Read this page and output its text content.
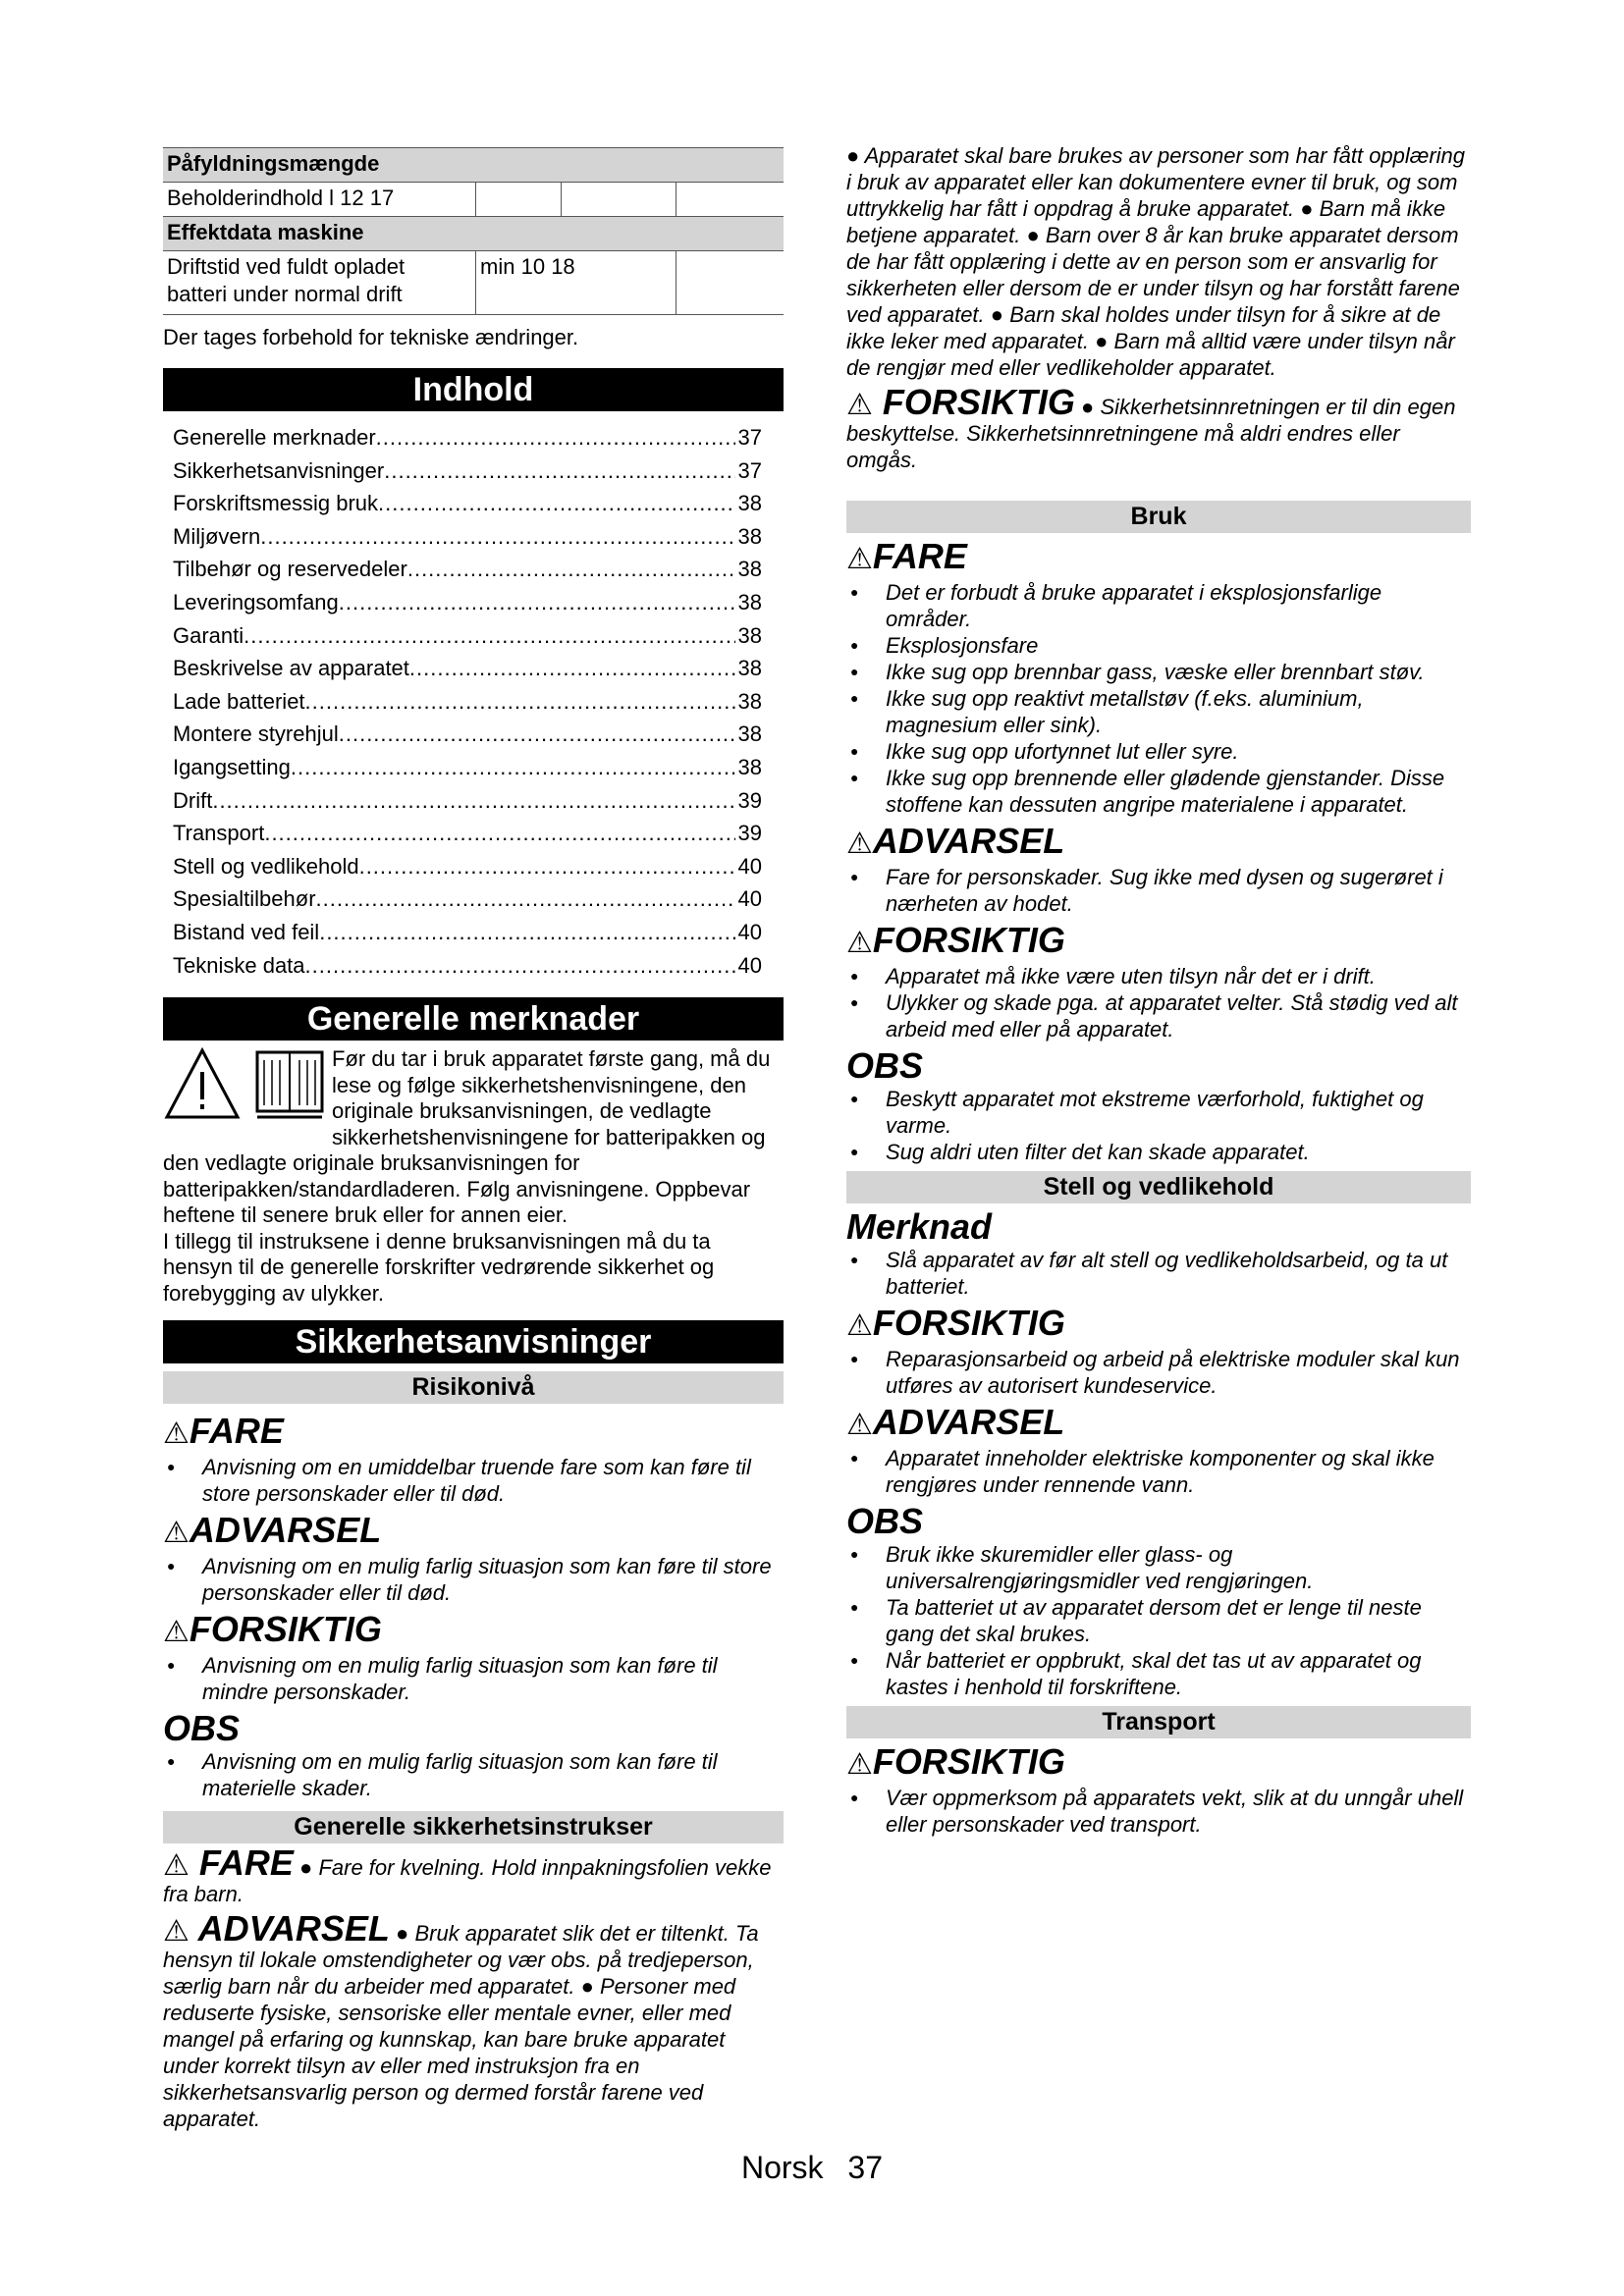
Påfyldningsmængde			
Beholderindhold l 12 17			
Effektdata maskine			
Driftstid ved fuldt opladet
batteri under normal drift	min 10 18		
Der tages forbehold for tekniske ændringer.
Indhold
Generelle merknader .....	37
Sikkerhetsanvisninger .....	37
Forskriftsmessig bruk .....	38
Miljøvern .....	38
Tilbehør og reservedeler .....	38
Leveringsomfang .....	38
Garanti .....	38
Beskrivelse av apparatet .....	38
Lade batteriet .....	38
Montere styrehjul .....	38
Igangsetting .....	38
Drift .....	39
Transport .....	39
Stell og vedlikehold .....	40
Spesialtilbehør .....	40
Bistand ved feil .....	40
Tekniske data .....	40
Generelle merknader
Før du tar i bruk apparatet første gang, må du lese og følge sikkerhetshenvisningene, den originale bruksanvisningen, de vedlagte sikkerhetshenvisningene for batteripakken og den vedlagte originale bruksanvisningen for batteripakken/standardladeren. Følg anvisningene. Oppbevar heftene til senere bruk eller for annen eier.
I tillegg til instruksene i denne bruksanvisningen må du ta hensyn til de generelle forskrifter vedrørende sikkerhet og forebygging av ulykker.
Sikkerhetsanvisninger
Risikonivå
⚠FARE
● Anvisning om en umiddelbar truende fare som kan føre til store personskader eller til død.
⚠ADVARSEL
● Anvisning om en mulig farlig situasjon som kan føre til store personskader eller til død.
⚠FORSIKTIG
● Anvisning om en mulig farlig situasjon som kan føre til mindre personskader.
OBS
● Anvisning om en mulig farlig situasjon som kan føre til materielle skader.
Generelle sikkerhetsinstrukser
⚠ FARE ● Fare for kvelning. Hold innpakningsfolien vekke fra barn.
⚠ ADVARSEL ● Bruk apparatet slik det er tiltenkt. Ta hensyn til lokale omstendigheter og vær obs. på tredjeperson, særlig barn når du arbeider med apparatet. ● Personer med reduserte fysiske, sensoriske eller mentale evner, eller med mangel på erfaring og kunnskap, kan bare bruke apparatet under korrekt tilsyn av eller med instruksjon fra en sikkerhetsansvarlig person og dermed forstår farene ved apparatet.
● Apparatet skal bare brukes av personer som har fått opplæring i bruk av apparatet eller kan dokumentere evner til bruk, og som uttrykkelig har fått i oppdrag å bruke apparatet. ● Barn må ikke betjene apparatet. ● Barn over 8 år kan bruke apparatet dersom de har fått opplæring i dette av en person som er ansvarlig for sikkerheten eller dersom de er under tilsyn og har forstått farene ved apparatet. ● Barn skal holdes under tilsyn for å sikre at de ikke leker med apparatet. ● Barn må alltid være under tilsyn når de rengjør med eller vedlikeholder apparatet.
⚠ FORSIKTIG ● Sikkerhetsinnretningen er til din egen beskyttelse. Sikkerhetsinnretningene må aldri endres eller omgås.
Bruk
⚠FARE
● Det er forbudt å bruke apparatet i eksplosjonsfarlige områder.
● Eksplosjonsfare
● Ikke sug opp brennbar gass, væske eller brennbart støv.
● Ikke sug opp reaktivt metallstøv (f.eks. aluminium, magnesium eller sink).
● Ikke sug opp ufortynnet lut eller syre.
● Ikke sug opp brennende eller glødende gjenstander. Disse stoffene kan dessuten angripe materialene i apparatet.
⚠ADVARSEL
● Fare for personskader. Sug ikke med dysen og sugerøret i nærheten av hodet.
⚠FORSIKTIG
● Apparatet må ikke være uten tilsyn når det er i drift.
● Ulykker og skade pga. at apparatet velter. Stå stødig ved alt arbeid med eller på apparatet.
OBS
● Beskytt apparatet mot ekstreme værforhold, fuktighet og varme.
● Sug aldri uten filter det kan skade apparatet.
Stell og vedlikehold
Merknad
● Slå apparatet av før alt stell og vedlikeholdsarbeid, og ta ut batteriet.
⚠FORSIKTIG
● Reparasjonsarbeid og arbeid på elektriske moduler skal kun utføres av autorisert kundeservice.
⚠ADVARSEL
● Apparatet inneholder elektriske komponenter og skal ikke rengjøres under rennende vann.
OBS
● Bruk ikke skuremidler eller glass- og universalrengjøringsmidler ved rengjøringen.
● Ta batteriet ut av apparatet dersom det er lenge til neste gang det skal brukes.
● Når batteriet er oppbrukt, skal det tas ut av apparatet og kastes i henhold til forskriftene.
Transport
⚠FORSIKTIG
● Vær oppmerksom på apparatets vekt, slik at du unngår uhell eller personskader ved transport.
Norsk 37
